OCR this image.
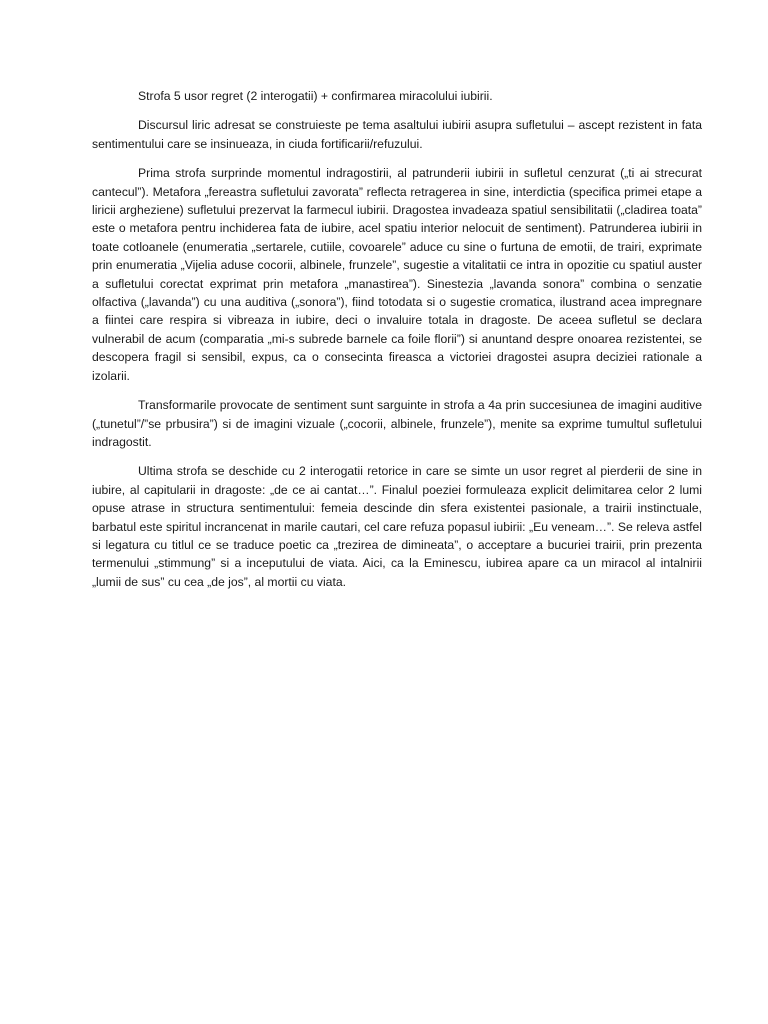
Strofa 5 usor regret (2 interogatii) + confirmarea miracolului iubirii.

Discursul liric adresat se construieste pe tema asaltului iubirii asupra sufletului – ascept rezistent in fata sentimentului care se insinueaza, in ciuda fortificarii/refuzului.

Prima strofa surprinde momentul indragostirii, al patrunderii iubirii in sufletul cenzurat („ti ai strecurat cantecul”). Metafora „fereastra sufletului zavorata” reflecta retragerea in sine, interdictia (specifica primei etape a liricii argheziene) sufletului prezervat la farmecul iubirii. Dragostea invadeaza spatiul sensibilitatii („cladirea toata” este o metafora pentru inchiderea fata de iubire, acel spatiu interior nelocuit de sentiment). Patrunderea iubirii in toate cotloanele (enumeratia „sertarele, cutiile, covoarele” aduce cu sine o furtuna de emotii, de trairi, exprimate prin enumeratia „Vijelia aduse cocorii, albinele, frunzele”, sugestie a vitalitatii ce intra in opozitie cu spatiul auster a sufletului corectat exprimat prin metafora „manastirea”). Sinestezia „lavanda sonora” combina o senzatie olfactiva („lavanda”) cu una auditiva („sonora”), fiind totodata si o sugestie cromatica, ilustrand acea impregnare a fiintei care respira si vibreaza in iubire, deci o invaluire totala in dragoste. De aceea sufletul se declara vulnerabil de acum (comparatia „mi-s subrede barnele ca foile florii”) si anuntand despre onoarea rezistentei, se descopera fragil si sensibil, expus, ca o consecinta fireasca a victoriei dragostei asupra deciziei rationale a izolarii.

Transformarile provocate de sentiment sunt sarguinte in strofa a 4a prin succesiunea de imagini auditive („tunetul”/”se prbusira”) si de imagini vizuale („cocorii, albinele, frunzele”), menite sa exprime tumultul sufletului indragostit.

Ultima strofa se deschide cu 2 interogatii retorice in care se simte un usor regret al pierderii de sine in iubire, al capitularii in dragoste: „de ce ai cantat…”. Finalul poeziei formuleaza explicit delimitarea celor 2 lumi opuse atrase in structura sentimentului: femeia descinde din sfera existentei pasionale, a trairii instinctuale, barbatul este spiritul incrancenat in marile cautari, cel care refuza popasul iubirii: „Eu veneam…”. Se releva astfel si legatura cu titlul ce se traduce poetic ca „trezirea de dimineata”, o acceptare a bucuriei trairii, prin prezenta termenului „stimmung” si a inceputului de viata. Aici, ca la Eminescu, iubirea apare ca un miracol al intalnirii „lumii de sus” cu cea „de jos”, al mortii cu viata.
